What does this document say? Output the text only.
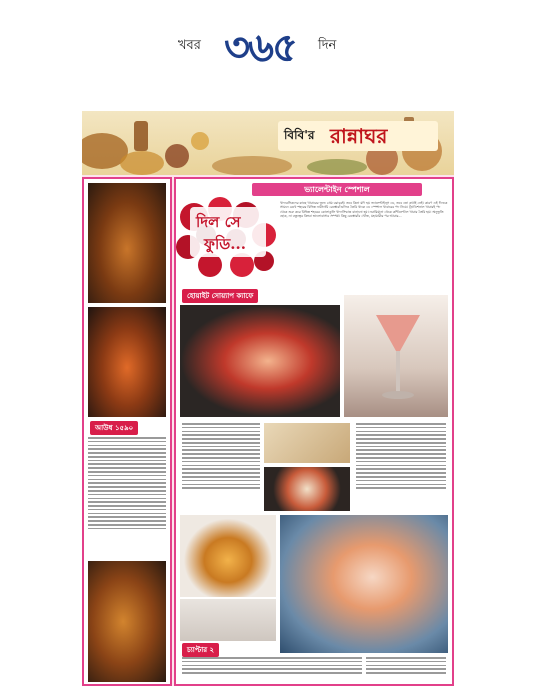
খবর ৩৬৫ দিন
বিবি'র রান্নাঘর
আউধ ১৫৯০
ভ্যালেন্টাইন স্পেশাল
দিল সে
ফুডি...
খাদ্যরসিকদের কাছে খাবারের জন্য প্রেম বরাবরই। তবে কিনা যদি হয় ভ্যালেন্টাইন্‌স ডে, তবে তো কথাই নেই। কারণ এই দিনকে সামনে রেখে শহরের বিভিন্ন নামীদামি রেস্তোরাঁগুলিও তৈরি থাকে ডে স্পেশাল খাবারের পদ নিয়ে। ট্র্যাডিশনাল খাবারই পদ থেকে শুরু করে বিভিন্ন শহরের কোলাকুলি খাদ্যসিদ্ধান্ত বানানো হয়। নবারিয়ানা থেকে কন্টিনেন্টাল খাবার তৈরি হয়। অনুভূতি হোক, না বন্ধুত্বের কিংবা ভালোবাসার সম্পর্ক। কিছু রেস্তোরাঁর খোঁজ, মহামারীর পর আবার...
হোয়াইট সোয়্যাপ ক্যাফে
চ্যাপ্টার ২
